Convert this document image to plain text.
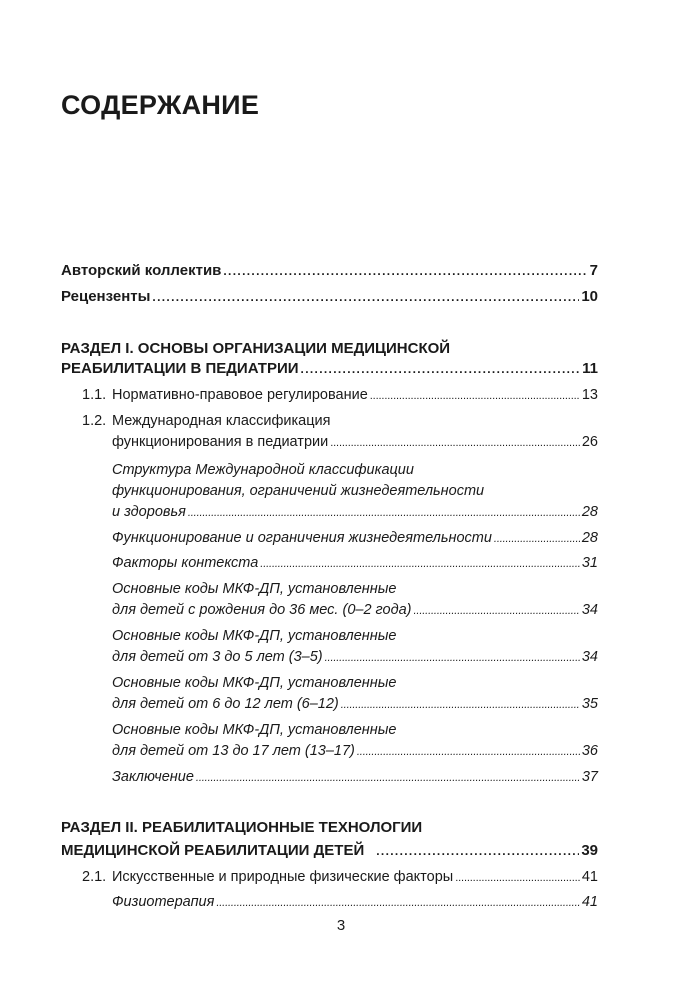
СОДЕРЖАНИЕ
Авторский коллектив . . .	7
Рецензенты . . .	10
РАЗДЕЛ I. ОСНОВЫ ОРГАНИЗАЦИИ МЕДИЦИНСКОЙ
РЕАБИЛИТАЦИИ В ПЕДИАТРИИ . . .	11
1.1. Нормативно-правовое регулирование . . .	13
1.2. Международная классификация
функционирования в педиатрии . . .	26
Структура Международной классификации
функционирования, ограничений жизнедеятельности
и здоровья . . .	28
Функционирование и ограничения жизнедеятельности . . .	28
Факторы контекста . . .	31
Основные коды МКФ-ДП, установленные
для детей с рождения до 36 мес. (0–2 года) . . .	34
Основные коды МКФ-ДП, установленные
для детей от 3 до 5 лет (3–5) . . .	34
Основные коды МКФ-ДП, установленные
для детей от 6 до 12 лет (6–12) . . .	35
Основные коды МКФ-ДП, установленные
для детей от 13 до 17 лет (13–17) . . .	36
Заключение . . .	37
РАЗДЕЛ II. РЕАБИЛИТАЦИОННЫЕ ТЕХНОЛОГИИ
МЕДИЦИНСКОЙ РЕАБИЛИТАЦИИ ДЕТЕЙ . . .	39
2.1. Искусственные и природные физические факторы . . .	41
Физиотерапия . . .	41
3
